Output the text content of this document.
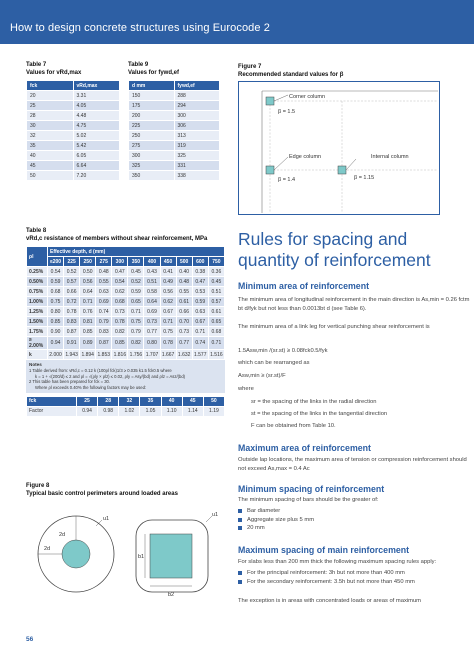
How to design concrete structures using Eurocode 2
Table 7
Values for vRd,max
fck	vRd,max
20	3.31
25	4.05
28	4.48
30	4.75
32	5.02
35	5.42
40	6.05
45	6.64
50	7.20
Table 9
Values for fywd,ef
d mm	fywd,ef
150	288
175	294
200	300
225	306
250	313
275	319
300	325
325	331
350	338
Figure 7
Recommended standard values for β
Corner column
β = 1.5
Edge column
β = 1.4
Internal column
β = 1.15
Table 8
vRd,c resistance of members without shear reinforcement, MPa
ρl	Effective depth, d (mm)										
	≤200	225	250	275	300	350	400	450	500	600	750
0.25%	0.54	0.52	0.50	0.48	0.47	0.45	0.43	0.41	0.40	0.38	0.36
0.50%	0.59	0.57	0.56	0.55	0.54	0.52	0.51	0.49	0.48	0.47	0.45
0.75%	0.68	0.66	0.64	0.63	0.62	0.59	0.58	0.56	0.55	0.53	0.51
1.00%	0.75	0.72	0.71	0.69	0.68	0.65	0.64	0.62	0.61	0.59	0.57
1.25%	0.80	0.78	0.76	0.74	0.73	0.71	0.69	0.67	0.66	0.63	0.61
1.50%	0.85	0.83	0.81	0.79	0.78	0.75	0.73	0.71	0.70	0.67	0.65
1.75%	0.90	0.87	0.85	0.83	0.82	0.79	0.77	0.75	0.73	0.71	0.68
≥ 2.00%	0.94	0.91	0.89	0.87	0.85	0.82	0.80	0.78	0.77	0.74	0.71
k	2.000	1.943	1.894	1.853	1.816	1.756	1.707	1.667	1.632	1.577	1.516
Notes
1 Table derived from: vRd,c = 0.12 k (100ρl fck)1/3 ≥ 0.035 k1.5 fck0.5 where
k = 1 + √(200/d) ≤ 2 and ρl = √(ρly × ρlz) ≤ 0.02, ρly = Asy/(bd) and ρlz = Asz/(bd)
2 This table has been prepared for fck = 30.
Where ρl exceeds 0.40% the following factors may be used:
fck	25	28	32	35	40	45	50
Factor	0.94	0.98	1.02	1.05	1.10	1.14	1.19
Figure 8
Typical basic control perimeters around loaded areas
2d
2d
u1
u1
b1
b2
Rules for spacing and quantity of reinforcement
Minimum area of reinforcement
The minimum area of longitudinal reinforcement in the main direction is As,min = 0.26 fctm bt d/fyk but not less than 0.0013bt d (see Table 6).
The minimum area of a link leg for vertical punching shear reinforcement is
1.5Asw,min /(sr.st) ≥ 0.08fck0.5/fyk
which can be rearranged as
Asw,min ≥ (sr.st)/F
where
sr = the spacing of the links in the radial direction
st = the spacing of the links in the tangential direction
F can be obtained from Table 10.
Maximum area of reinforcement
Outside lap locations, the maximum area of tension or compression reinforcement should not exceed As,max = 0.4 Ac
Minimum spacing of reinforcement
The minimum spacing of bars should be the greater of:
Bar diameter
Aggregate size plus 5 mm
20 mm
Maximum spacing of main reinforcement
For slabs less than 200 mm thick the following maximum spacing rules apply:
For the principal reinforcement: 3h but not more than 400 mm
For the secondary reinforcement: 3.5h but not more than 450 mm
The exception is in areas with concentrated loads or areas of maximum
56
